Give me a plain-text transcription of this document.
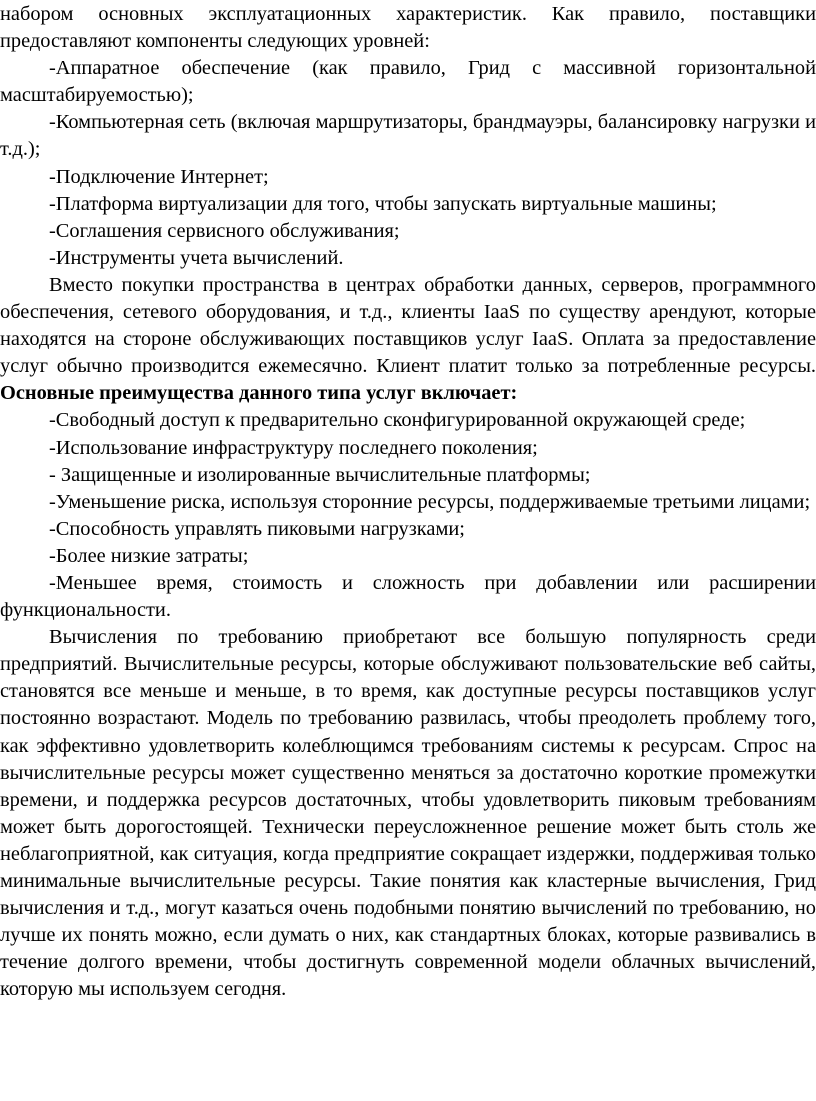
набором основных эксплуатационных характеристик. Как правило, поставщики предоставляют компоненты следующих уровней:

-Аппаратное обеспечение (как правило, Грид с массивной горизонтальной масштабируемостью);

-Компьютерная сеть (включая маршрутизаторы, брандмауэры, балансировку нагрузки и т.д.);

-Подключение Интернет;

-Платформа виртуализации для того, чтобы запускать виртуальные машины;

-Соглашения сервисного обслуживания;

-Инструменты учета вычислений.

Вместо покупки пространства в центрах обработки данных, серверов, программного обеспечения, сетевого оборудования, и т.д., клиенты IaaS по существу арендуют, которые находятся на стороне обслуживающих поставщиков услуг IaaS. Оплата за предоставление услуг обычно производится ежемесячно. Клиент платит только за потребленные ресурсы. Основные преимущества данного типа услуг включает:

-Свободный доступ к предварительно сконфигурированной окружающей среде;

-Использование инфраструктуру последнего поколения;

- Защищенные и изолированные вычислительные платформы;

-Уменьшение риска, используя сторонние ресурсы, поддерживаемые третьими лицами;

-Способность управлять пиковыми нагрузками;

-Более низкие затраты;

-Меньшее время, стоимость и сложность при добавлении или расширении функциональности.

Вычисления по требованию приобретают все большую популярность среди предприятий. Вычислительные ресурсы, которые обслуживают пользовательские веб сайты, становятся все меньше и меньше, в то время, как доступные ресурсы поставщиков услуг постоянно возрастают. Модель по требованию развилась, чтобы преодолеть проблему того, как эффективно удовлетворить колеблющимся требованиям системы к ресурсам. Спрос на вычислительные ресурсы может существенно меняться за достаточно короткие промежутки времени, и поддержка ресурсов достаточных, чтобы удовлетворить пиковым требованиям может быть дорогостоящей. Технически переусложненное решение может быть столь же неблагоприятной, как ситуация, когда предприятие сокращает издержки, поддерживая только минимальные вычислительные ресурсы. Такие понятия как кластерные вычисления, Грид вычисления и т.д., могут казаться очень подобными понятию вычислений по требованию, но лучше их понять можно, если думать о них, как стандартных блоках, которые развивались в течение долгого времени, чтобы достигнуть современной модели облачных вычислений, которую мы используем сегодня.
